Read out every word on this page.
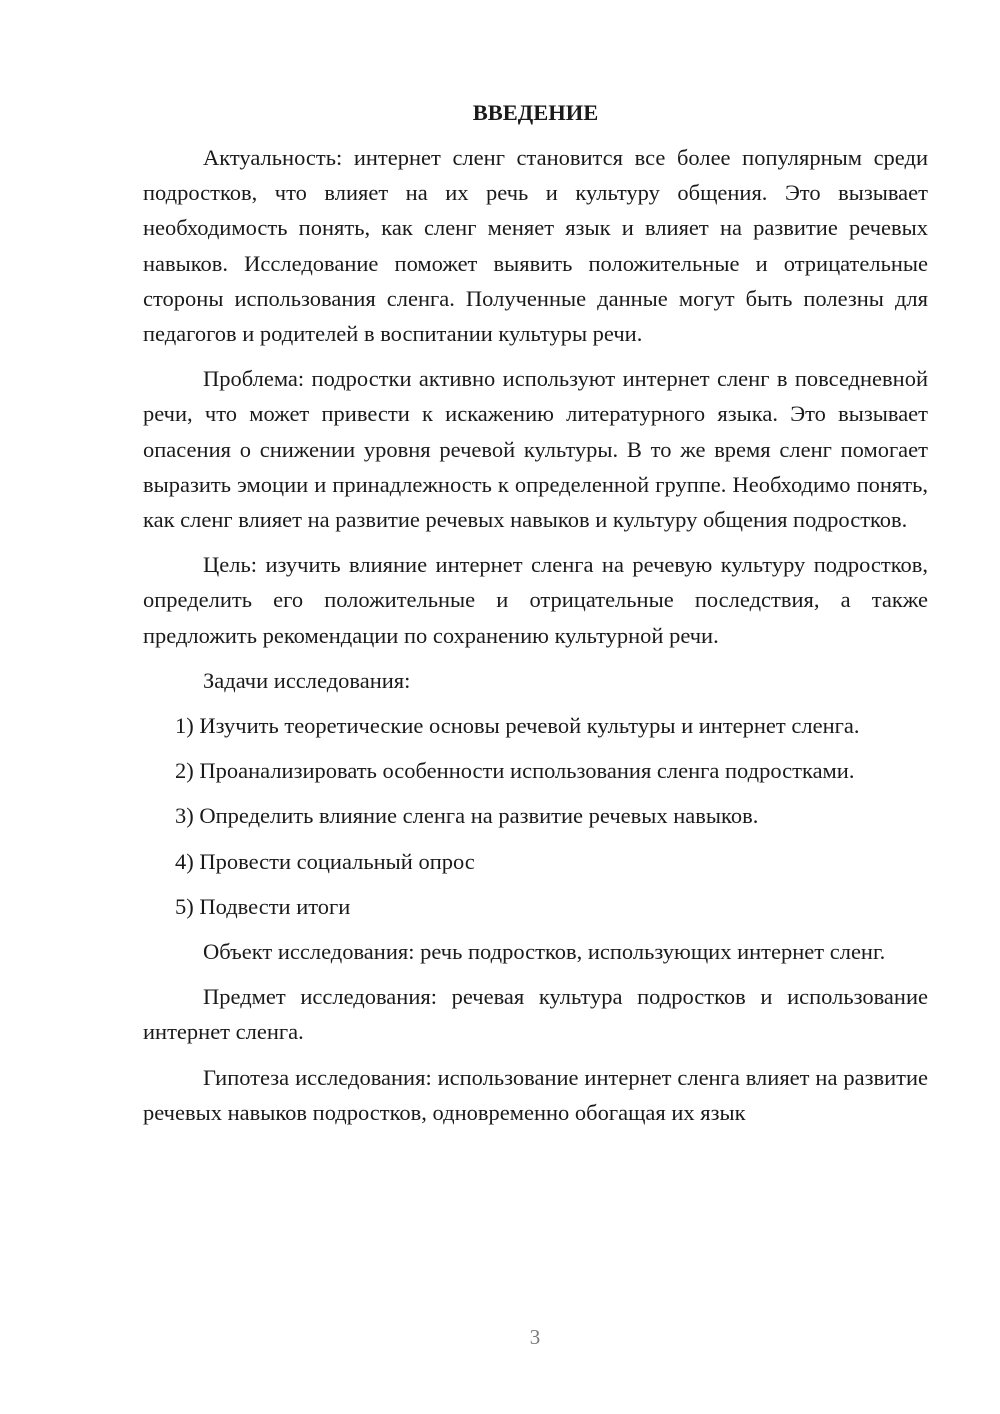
ВВЕДЕНИЕ

Актуальность: интернет сленг становится все более популярным среди подростков, что влияет на их речь и культуру общения. Это вызывает необходимость понять, как сленг меняет язык и влияет на развитие речевых навыков. Исследование поможет выявить положительные и отрицательные стороны использования сленга. Полученные данные могут быть полезны для педагогов и родителей в воспитании культуры речи.

Проблема: подростки активно используют интернет сленг в повседневной речи, что может привести к искажению литературного языка. Это вызывает опасения о снижении уровня речевой культуры. В то же время сленг помогает выразить эмоции и принадлежность к определенной группе. Необходимо понять, как сленг влияет на развитие речевых навыков и культуру общения подростков.

Цель: изучить влияние интернет сленга на речевую культуру подростков, определить его положительные и отрицательные последствия, а также предложить рекомендации по сохранению культурной речи.

Задачи исследования:

1) Изучить теоретические основы речевой культуры и интернет сленга.

2) Проанализировать особенности использования сленга подростками.

3) Определить влияние сленга на развитие речевых навыков.

4) Провести социальный опрос

5) Подвести итоги

Объект исследования: речь подростков, использующих интернет сленг.

Предмет исследования: речевая культура подростков и использование интернет сленга.

Гипотеза исследования: использование интернет сленга влияет на развитие речевых навыков подростков, одновременно обогащая их язык

3
